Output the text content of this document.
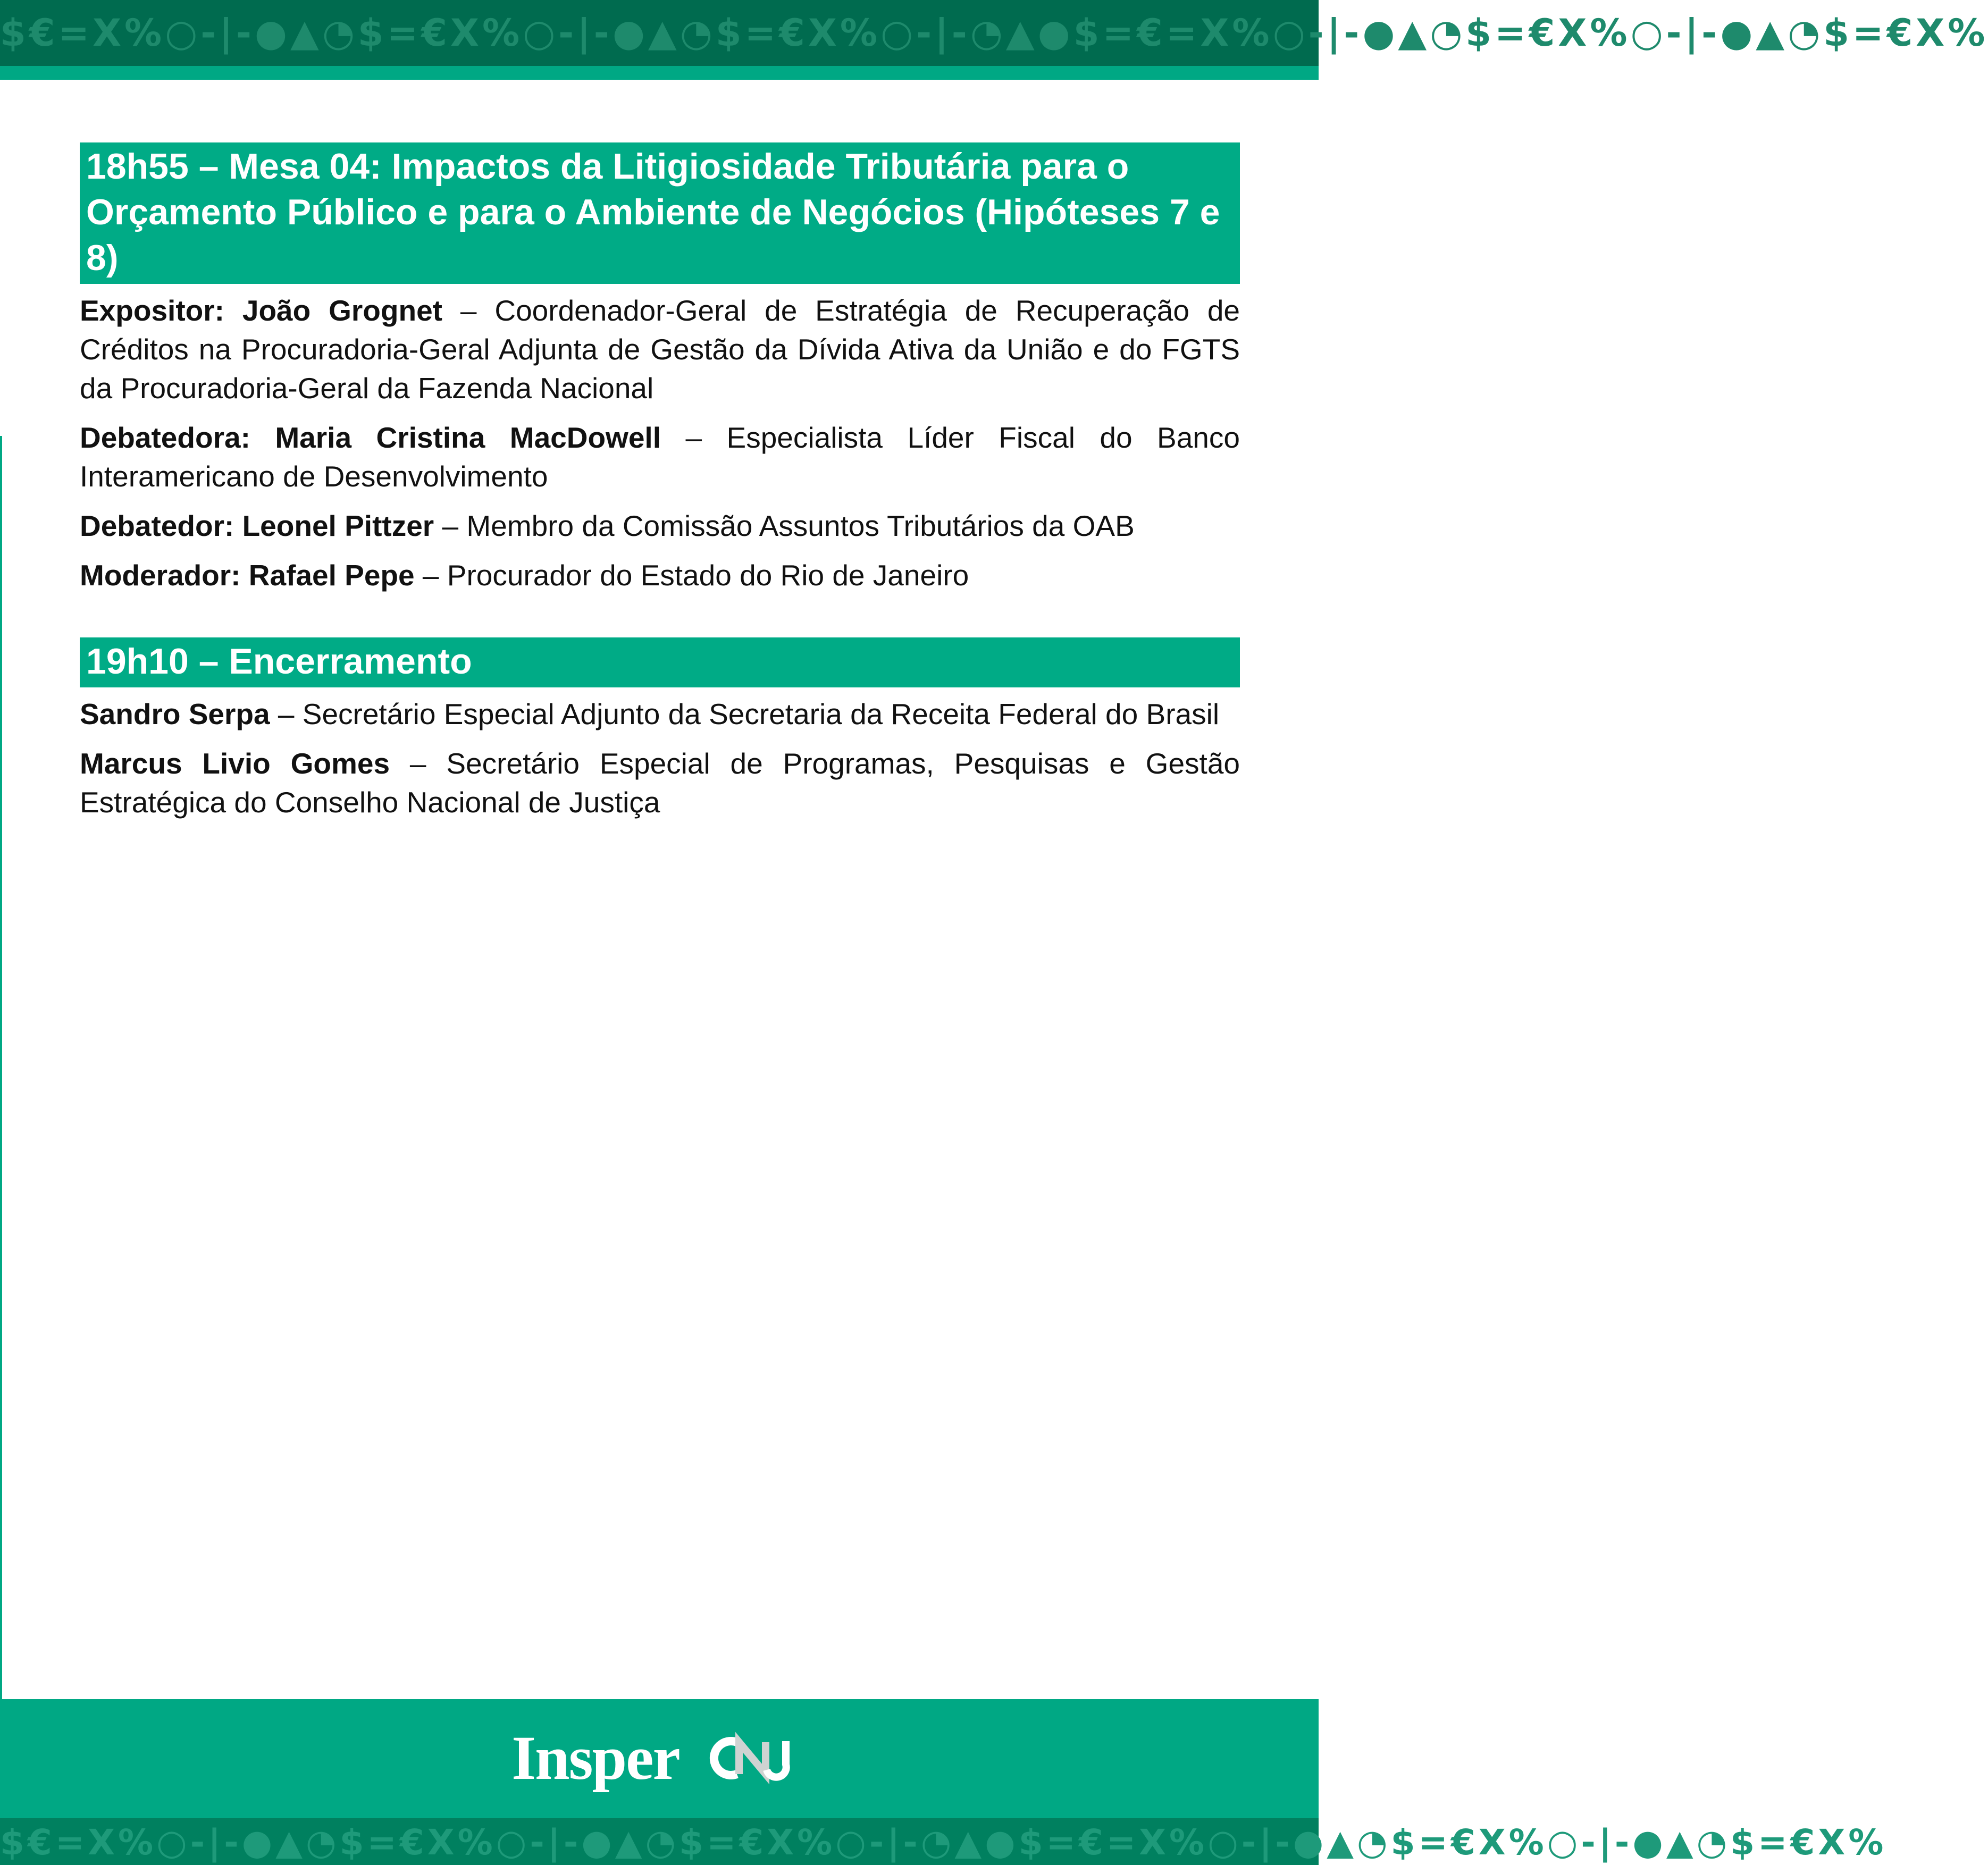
$€=X%○-|-●▲◔$=€X%○-|-●▲◔$=€X%○-|-◔▲●$=€=X%○-|-●▲◔$=€X%○-|-●▲◔$=€X%
18h55 – Mesa 04: Impactos da Litigiosidade Tributária para o Orçamento Público e para o Ambiente de Negócios (Hipóteses 7 e 8)

Expositor: João Grognet – Coordenador-Geral de Estratégia de Recuperação de Créditos na Procuradoria-Geral Adjunta de Gestão da Dívida Ativa da União e do FGTS da Procuradoria-Geral da Fazenda Nacional

Debatedora: Maria Cristina MacDowell – Especialista Líder Fiscal do Banco Interamericano de Desenvolvimento

Debatedor: Leonel Pittzer – Membro da Comissão Assuntos Tributários da OAB

Moderador: Rafael Pepe – Procurador do Estado do Rio de Janeiro

19h10 – Encerramento

Sandro Serpa – Secretário Especial Adjunto da Secretaria da Receita Federal do Brasil

Marcus Livio Gomes – Secretário Especial de Programas, Pesquisas e Gestão Estratégica do Conselho Nacional de Justiça

Insper
$€=X%○-|-●▲◔$=€X%○-|-●▲◔$=€X%○-|-◔▲●$=€=X%○-|-●▲◔$=€X%○-|-●▲◔$=€X%
